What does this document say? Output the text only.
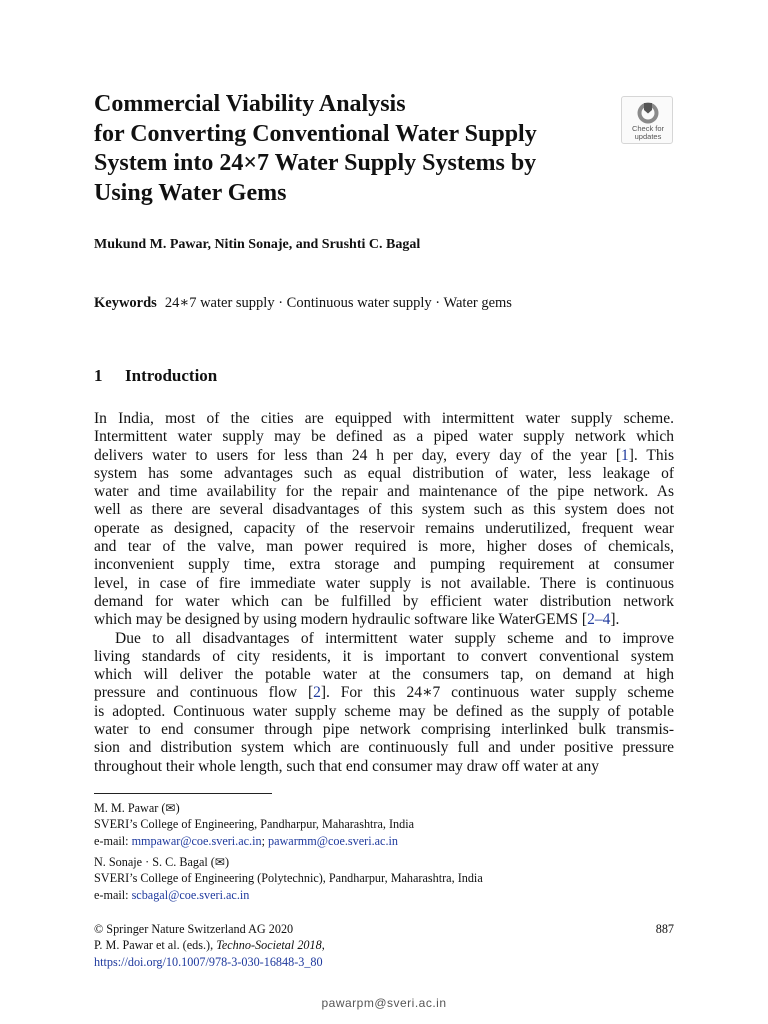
Commercial Viability Analysis
for Converting Conventional Water Supply
System into 24×7 Water Supply Systems by
Using Water Gems
Check for
updates
Mukund M. Pawar, Nitin Sonaje, and Srushti C. Bagal
Keywords 24∗7 water supply · Continuous water supply · Water gems
1 Introduction
In India, most of the cities are equipped with intermittent water supply scheme.
Intermittent water supply may be defined as a piped water supply network which
delivers water to users for less than 24 h per day, every day of the year [1]. This
system has some advantages such as equal distribution of water, less leakage of
water and time availability for the repair and maintenance of the pipe network. As
well as there are several disadvantages of this system such as this system does not
operate as designed, capacity of the reservoir remains underutilized, frequent wear
and tear of the valve, man power required is more, higher doses of chemicals,
inconvenient supply time, extra storage and pumping requirement at consumer
level, in case of fire immediate water supply is not available. There is continuous
demand for water which can be fulfilled by efficient water distribution network
which may be designed by using modern hydraulic software like WaterGEMS [2–4].
Due to all disadvantages of intermittent water supply scheme and to improve
living standards of city residents, it is important to convert conventional system
which will deliver the potable water at the consumers tap, on demand at high
pressure and continuous flow [2]. For this 24∗7 continuous water supply scheme
is adopted. Continuous water supply scheme may be defined as the supply of potable
water to end consumer through pipe network comprising interlinked bulk transmis-
sion and distribution system which are continuously full and under positive pressure
throughout their whole length, such that end consumer may draw off water at any
M. M. Pawar (✉)
SVERI’s College of Engineering, Pandharpur, Maharashtra, India
e-mail: mmpawar@coe.sveri.ac.in; pawarmm@coe.sveri.ac.in
N. Sonaje · S. C. Bagal (✉)
SVERI’s College of Engineering (Polytechnic), Pandharpur, Maharashtra, India
e-mail: scbagal@coe.sveri.ac.in
© Springer Nature Switzerland AG 2020
P. M. Pawar et al. (eds.), Techno-Societal 2018,
https://doi.org/10.1007/978-3-030-16848-3_80
887
pawarpm@sveri.ac.in
